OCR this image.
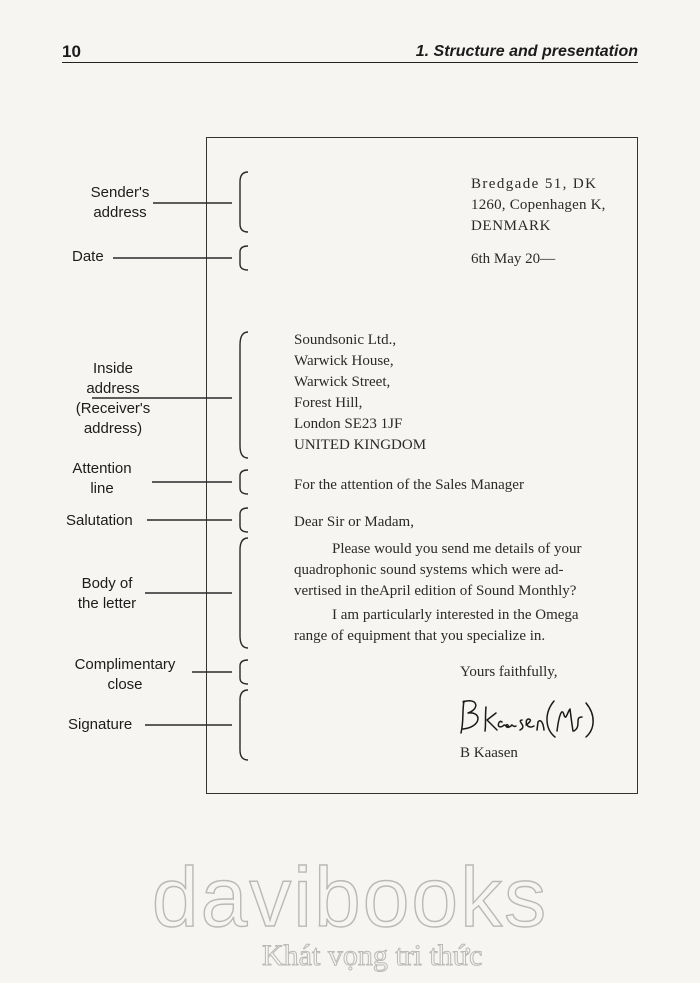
10	1. Structure and presentation
Sender's
address
Date
Inside
address
(Receiver's
address)
Attention
line
Salutation
Body of
the letter
Complimentary
close
Signature
Bredgade 51, DK
1260, Copenhagen K,
DENMARK
6th May 20—
Soundsonic Ltd.,
Warwick House,
Warwick Street,
Forest Hill,
London SE23 1JF
UNITED KINGDOM
For the attention of the Sales Manager
Dear Sir or Madam,
Please would you send me details of your
quadrophonic sound systems which were ad-
vertised in theApril edition of Sound Monthly?
I am particularly interested in the Omega
range of equipment that you specialize in.
Yours faithfully,
B Kaasen
davibooks
Khát vọng tri thức
